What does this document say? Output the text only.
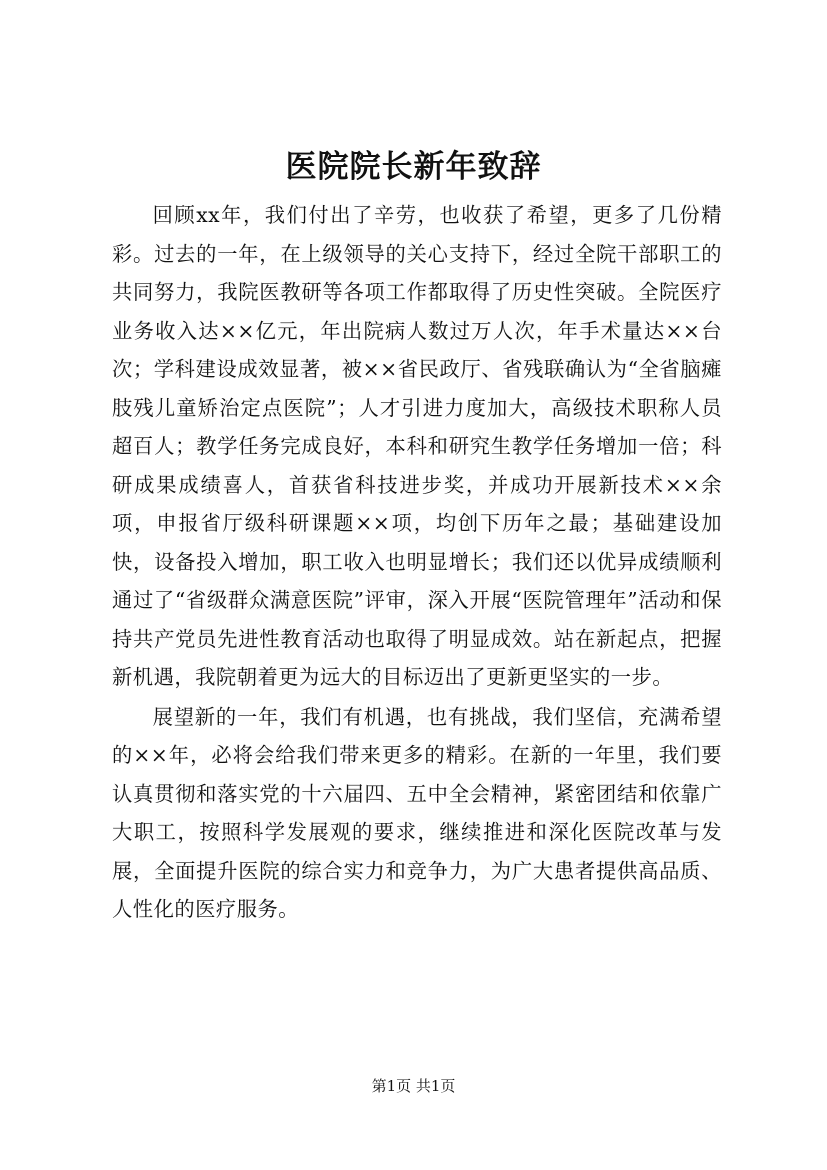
医院院长新年致辞

回顾xx年，我们付出了辛劳，也收获了希望，更多了几份精彩。过去的一年，在上级领导的关心支持下，经过全院干部职工的共同努力，我院医教研等各项工作都取得了历史性突破。全院医疗业务收入达××亿元，年出院病人数过万人次，年手术量达××台次；学科建设成效显著，被××省民政厅、省残联确认为“全省脑瘫肢残儿童矫治定点医院”；人才引进力度加大，高级技术职称人员超百人；教学任务完成良好，本科和研究生教学任务增加一倍；科研成果成绩喜人，首获省科技进步奖，并成功开展新技术××余项，申报省厅级科研课题××项，均创下历年之最；基础建设加快，设备投入增加，职工收入也明显增长；我们还以优异成绩顺利通过了“省级群众满意医院”评审，深入开展“医院管理年”活动和保持共产党员先进性教育活动也取得了明显成效。站在新起点，把握新机遇，我院朝着更为远大的目标迈出了更新更坚实的一步。

展望新的一年，我们有机遇，也有挑战，我们坚信，充满希望的××年，必将会给我们带来更多的精彩。在新的一年里，我们要认真贯彻和落实党的十六届四、五中全会精神，紧密团结和依靠广大职工，按照科学发展观的要求，继续推进和深化医院改革与发展，全面提升医院的综合实力和竞争力，为广大患者提供高品质、人性化的医疗服务。

第1页 共1页
